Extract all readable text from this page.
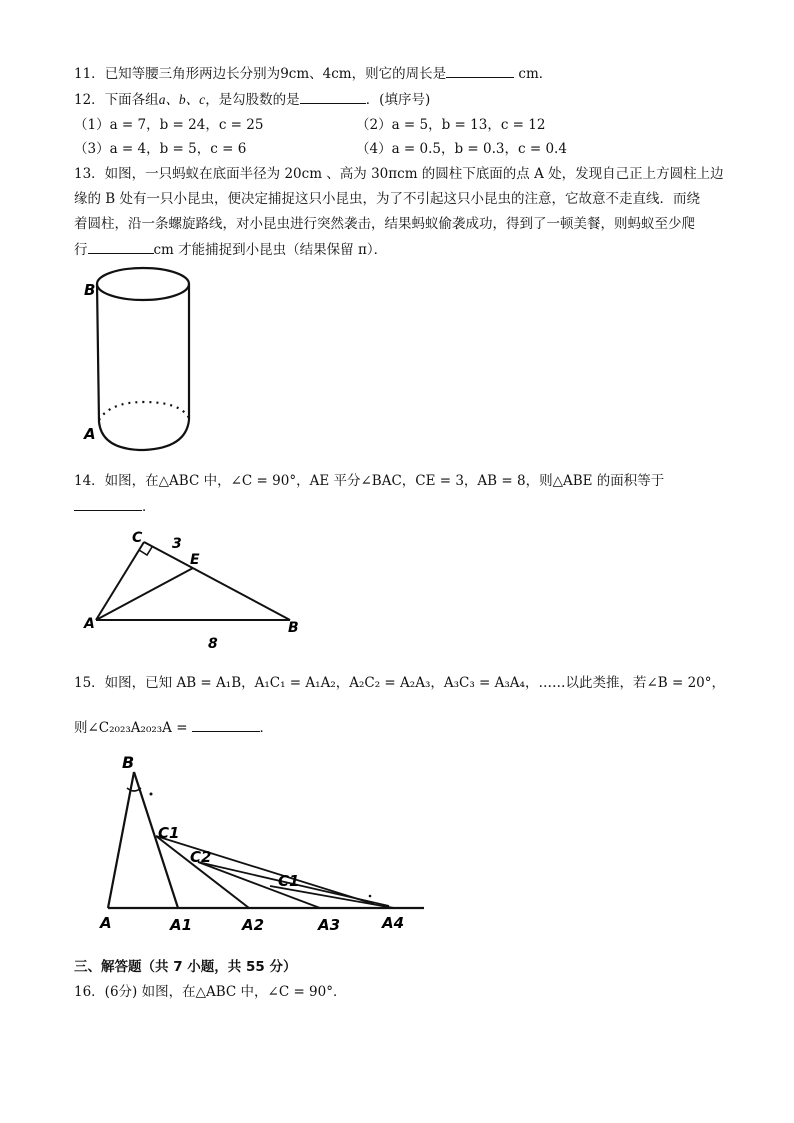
11．已知等腰三角形两边长分别为9cm、4cm，则它的周长是	cm．
12．下面各组a、b、c，是勾股数的是	．(填序号)
（1）a = 7，b = 24，c = 25	（2）a = 5，b = 13，c = 12
（3）a = 4，b = 5，c = 6	（4）a = 0.5，b = 0.3，c = 0.4
13．如图，一只蚂蚁在底面半径为 20cm 、高为 30πcm 的圆柱下底面的点 A 处，发现自己正上方圆柱上边
缘的 B 处有一只小昆虫，便决定捕捉这只小昆虫，为了不引起这只小昆虫的注意，它故意不走直线．而绕
着圆柱，沿一条螺旋路线，对小昆虫进行突然袭击，结果蚂蚁偷袭成功，得到了一顿美餐，则蚂蚁至少爬
行	cm 才能捕捉到小昆虫（结果保留 π）．
B
A
14．如图，在△ABC 中，∠C = 90°，AE 平分∠BAC，CE = 3，AB = 8，则△ABE 的面积等于
．
C 3
E
A	B
8
15．如图，已知 AB = A₁B，A₁C₁ = A₁A₂，A₂C₂ = A₂A₃，A₃C₃ = A₃A₄，……以此类推，若∠B = 20°，
则∠C₂₀₂₃A₂₀₂₃A =	．
B
C1
C2
C1
A	A1	A2	A3	A4
三、解答题（共 7 小题，共 55 分）
16．(6分) 如图，在△ABC 中，∠C = 90°．
